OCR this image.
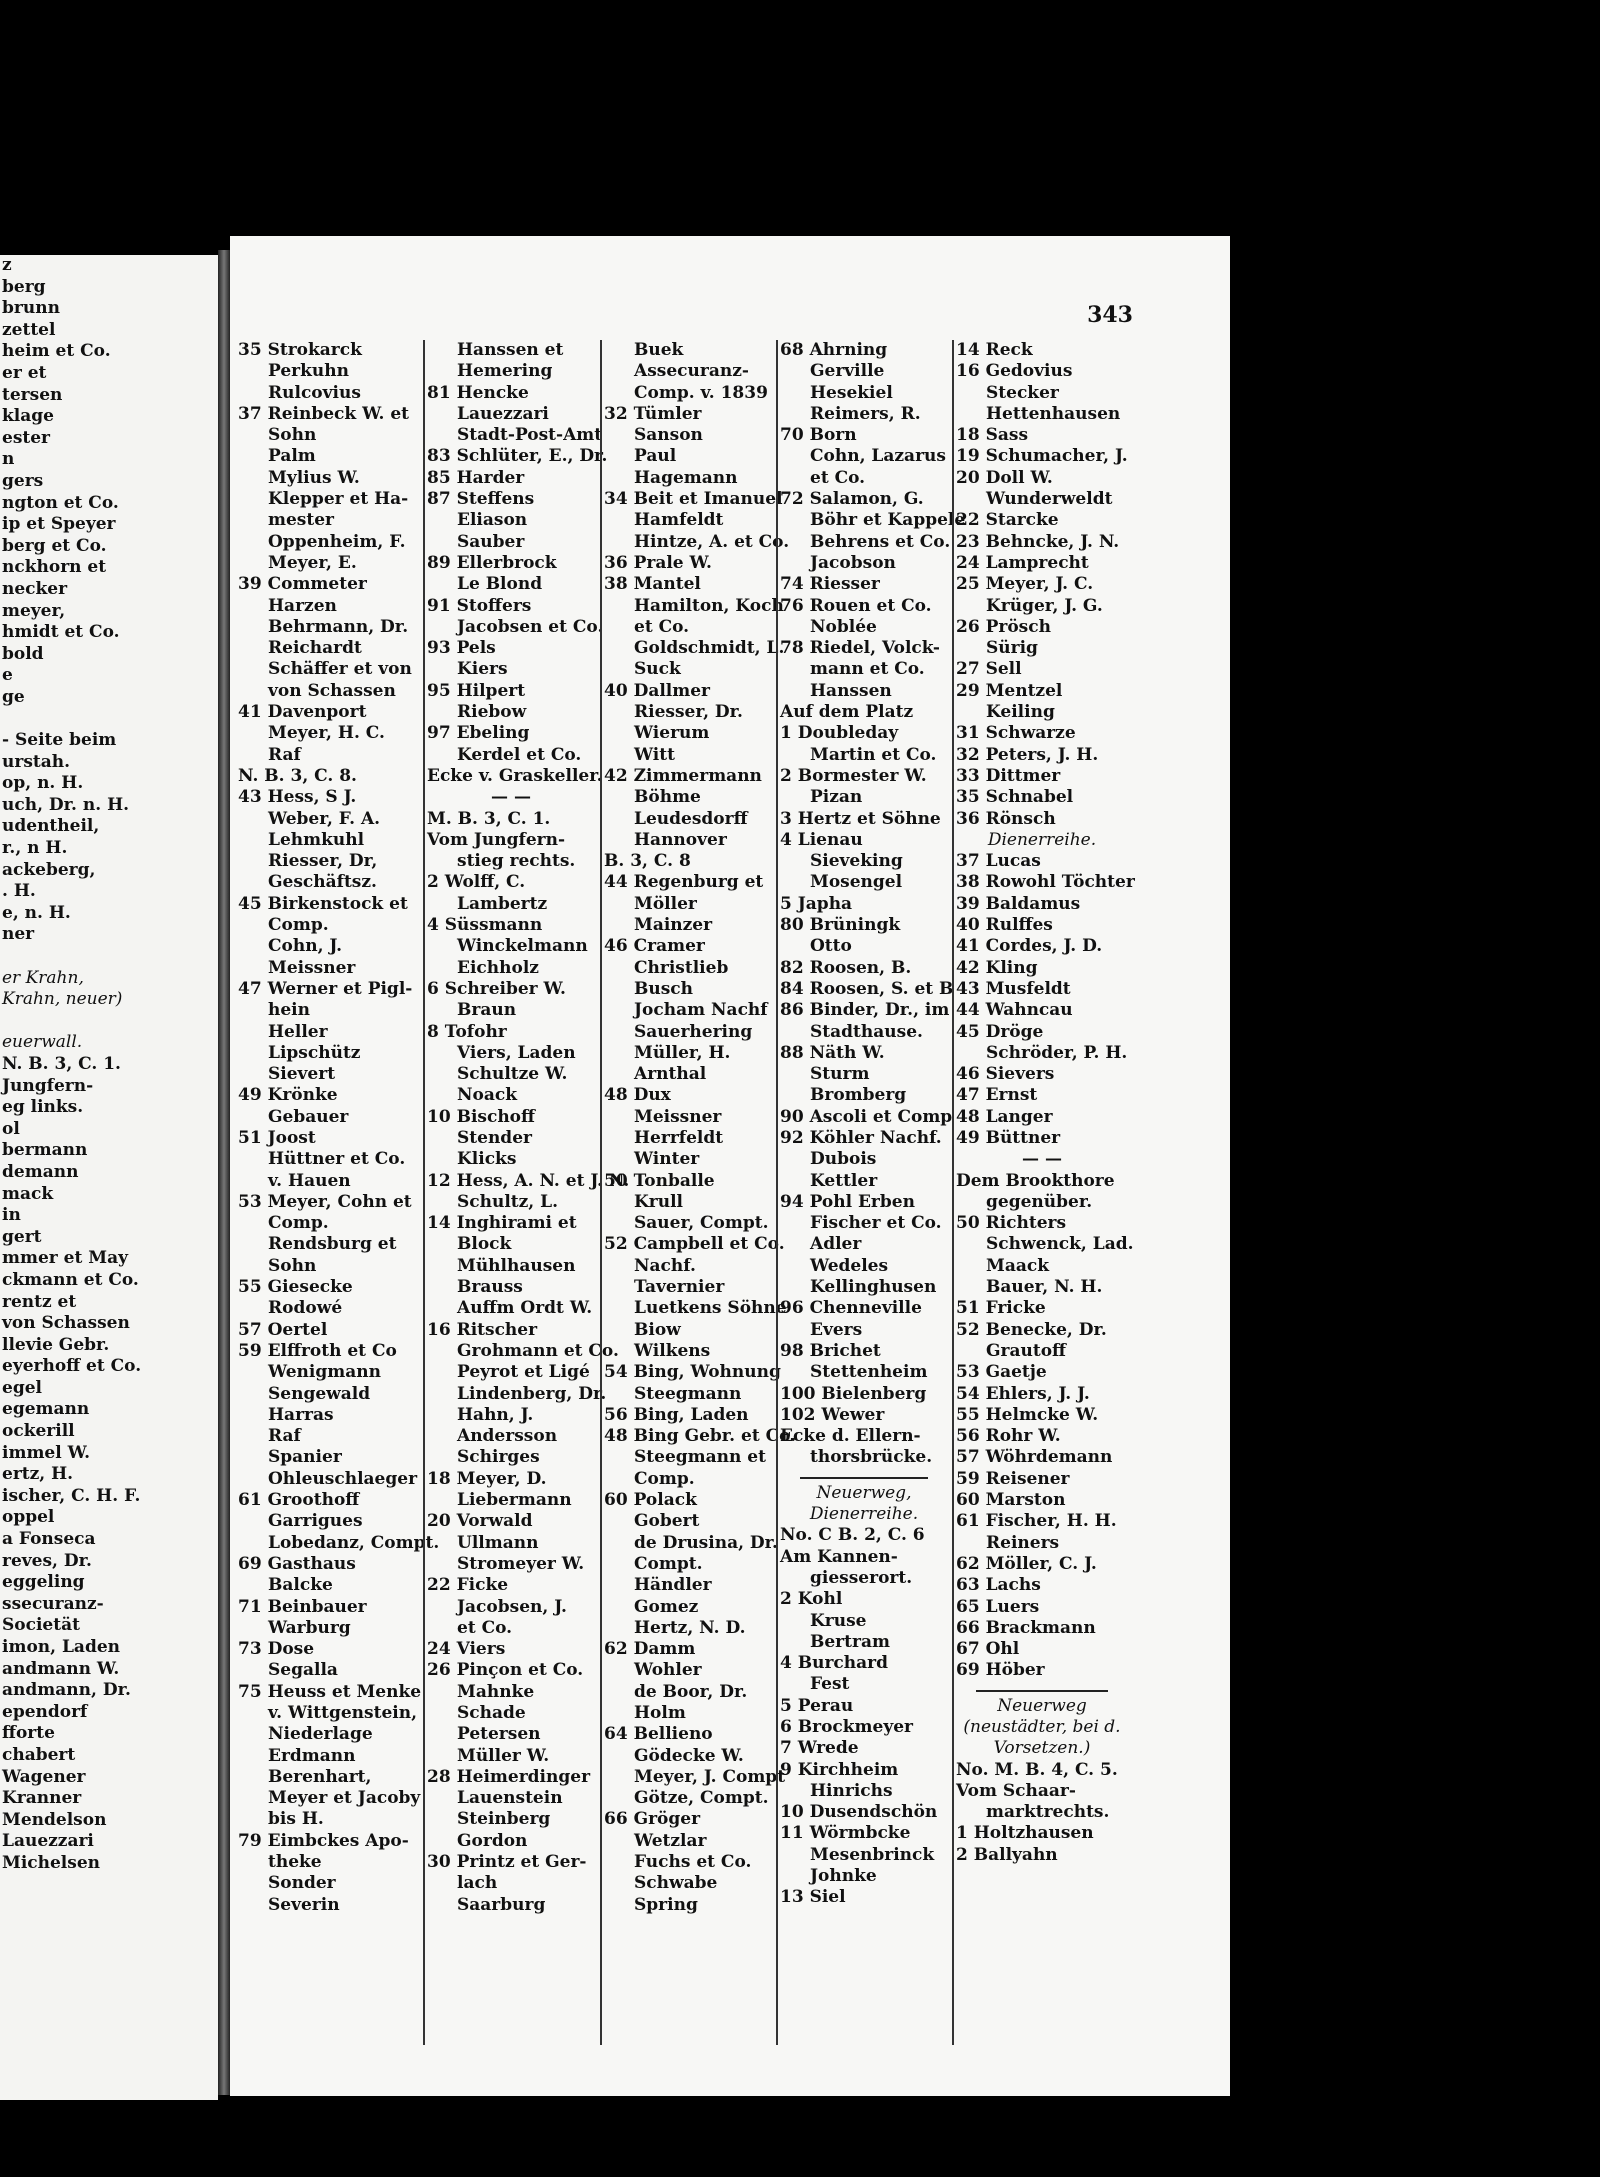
z
berg
brunn
zettel
heim et Co.
er et
tersen
klage
ester
n
gers
ngton et Co.
ip et Speyer
berg et Co.
nckhorn et
necker
meyer,
hmidt et Co.
bold
e
ge

- Seite beim
urstah.
op, n. H.
uch, Dr. n. H.
udentheil,
r., n H.
ackeberg,
. H.
e, n. H.
ner

er Krahn,
Krahn, neuer)

euerwall.
N. B. 3, C. 1.
Jungfern-
eg links.
ol
bermann
demann
mack
in
gert
mmer et May
ckmann et Co.
rentz et
von Schassen
llevie Gebr.
eyerhoff et Co.
egel
egemann
ockerill
immel W.
ertz, H.
ischer, C. H. F.
oppel
a Fonseca
reves, Dr.
eggeling
ssecuranz-
Societät
imon, Laden
andmann W.
andmann, Dr.
ependorf
fforte
chabert
Wagener
Kranner
Mendelson
Lauezzari
Michelsen
343
35 Strokarck
Perkuhn
Rulcovius
37 Reinbeck W. et
Sohn
Palm
Mylius W.
Klepper et Ha-
mester
Oppenheim, F.
Meyer, E.
39 Commeter
Harzen
Behrmann, Dr.
Reichardt
Schäffer et von
von Schassen
41 Davenport
Meyer, H. C.
Raf
N. B. 3, C. 8.
43 Hess, S J.
Weber, F. A.
Lehmkuhl
Riesser, Dr,
Geschäftsz.
45 Birkenstock et
Comp.
Cohn, J.
Meissner
47 Werner et Pigl-
hein
Heller
Lipschütz
Sievert
49 Krönke
Gebauer
51 Joost
Hüttner et Co.
v. Hauen
53 Meyer, Cohn et
Comp.
Rendsburg et
Sohn
55 Giesecke
Rodowé
57 Oertel
59 Elffroth et Co
Wenigmann
Sengewald
Harras
Raf
Spanier
Ohleuschlaeger
61 Groothoff
Garrigues
Lobedanz, Compt.
69 Gasthaus
Balcke
71 Beinbauer
Warburg
73 Dose
Segalla
75 Heuss et Menke
v. Wittgenstein,
Niederlage
Erdmann
Berenhart,
Meyer et Jacoby
bis H.
79 Eimbckes Apo-
theke
Sonder
Severin
Hanssen et
Hemering
81 Hencke
Lauezzari
Stadt-Post-Amt
83 Schlüter, E., Dr.
85 Harder
87 Steffens
Eliason
Sauber
89 Ellerbrock
Le Blond
91 Stoffers
Jacobsen et Co.
93 Pels
Kiers
95 Hilpert
Riebow
97 Ebeling
Kerdel et Co.
Ecke v. Graskeller.
— —
M. B. 3, C. 1.
Vom Jungfern-
stieg rechts.
2 Wolff, C.
Lambertz
4 Süssmann
Winckelmann
Eichholz
6 Schreiber W.
Braun
8 Tofohr
Viers, Laden
Schultze W.
Noack
10 Bischoff
Stender
Klicks
12 Hess, A. N. et J. N.
Schultz, L.
14 Inghirami et
Block
Mühlhausen
Brauss
Auffm Ordt W.
16 Ritscher
Grohmann et Co.
Peyrot et Ligé
Lindenberg, Dr.
Hahn, J.
Andersson
Schirges
18 Meyer, D.
Liebermann
20 Vorwald
Ullmann
Stromeyer W.
22 Ficke
Jacobsen, J.
et Co.
24 Viers
26 Pinçon et Co.
Mahnke
Schade
Petersen
Müller W.
28 Heimerdinger
Lauenstein
Steinberg
Gordon
30 Printz et Ger-
lach
Saarburg
Buek
Assecuranz-
Comp. v. 1839
32 Tümler
Sanson
Paul
Hagemann
34 Beit et Imanuel
Hamfeldt
Hintze, A. et Co.
36 Prale W.
38 Mantel
Hamilton, Koch
et Co.
Goldschmidt, L.
Suck
40 Dallmer
Riesser, Dr.
Wierum
Witt
42 Zimmermann
Böhme
Leudesdorff
Hannover
B. 3, C. 8
44 Regenburg et
Möller
Mainzer
46 Cramer
Christlieb
Busch
Jocham Nachf
Sauerhering
Müller, H.
Arnthal
48 Dux
Meissner
Herrfeldt
Winter
50 Tonballe
Krull
Sauer, Compt.
52 Campbell et Co.
Nachf.
Tavernier
Luetkens Söhne
Biow
Wilkens
54 Bing, Wohnung
Steegmann
56 Bing, Laden
48 Bing Gebr. et Co.
Steegmann et
Comp.
60 Polack
Gobert
de Drusina, Dr.
Compt.
Händler
Gomez
Hertz, N. D.
62 Damm
Wohler
de Boor, Dr.
Holm
64 Bellieno
Gödecke W.
Meyer, J. Compt
Götze, Compt.
66 Gröger
Wetzlar
Fuchs et Co.
Schwabe
Spring
68 Ahrning
Gerville
Hesekiel
Reimers, R.
70 Born
Cohn, Lazarus
et Co.
72 Salamon, G.
Böhr et Kappele
Behrens et Co.
Jacobson
74 Riesser
76 Rouen et Co.
Noblée
78 Riedel, Volck-
mann et Co.
Hanssen
Auf dem Platz
1 Doubleday
Martin et Co.
2 Bormester W.
Pizan
3 Hertz et Söhne
4 Lienau
Sieveking
Mosengel
5 Japha
80 Brüningk
Otto
82 Roosen, B.
84 Roosen, S. et B
86 Binder, Dr., im
Stadthause.
88 Näth W.
Sturm
Bromberg
90 Ascoli et Comp
92 Köhler Nachf.
Dubois
Kettler
94 Pohl Erben
Fischer et Co.
Adler
Wedeles
Kellinghusen
96 Chenneville
Evers
98 Brichet
Stettenheim
100 Bielenberg
102 Wewer
Ecke d. Ellern-
thorsbrücke.
Neuerweg,
Dienerreihe.
No. C B. 2, C. 6
Am Kannen-
giesserort.
2 Kohl
Kruse
Bertram
4 Burchard
Fest
5 Perau
6 Brockmeyer
7 Wrede
9 Kirchheim
Hinrichs
10 Dusendschön
11 Wörmbcke
Mesenbrinck
Johnke
13 Siel
14 Reck
16 Gedovius
Stecker
Hettenhausen
18 Sass
19 Schumacher, J.
20 Doll W.
Wunderweldt
22 Starcke
23 Behncke, J. N.
24 Lamprecht
25 Meyer, J. C.
Krüger, J. G.
26 Prösch
Sürig
27 Sell
29 Mentzel
Keiling
31 Schwarze
32 Peters, J. H.
33 Dittmer
35 Schnabel
36 Rönsch
Dienerreihe.
37 Lucas
38 Rowohl Töchter
39 Baldamus
40 Rulffes
41 Cordes, J. D.
42 Kling
43 Musfeldt
44 Wahncau
45 Dröge
Schröder, P. H.
46 Sievers
47 Ernst
48 Langer
49 Büttner
— —
Dem Brookthore
gegenüber.
50 Richters
Schwenck, Lad.
Maack
Bauer, N. H.
51 Fricke
52 Benecke, Dr.
Grautoff
53 Gaetje
54 Ehlers, J. J.
55 Helmcke W.
56 Rohr W.
57 Wöhrdemann
59 Reisener
60 Marston
61 Fischer, H. H.
Reiners
62 Möller, C. J.
63 Lachs
65 Luers
66 Brackmann
67 Ohl
69 Höber
Neuerweg
(neustädter, bei d.
Vorsetzen.)
No. M. B. 4, C. 5.
Vom Schaar-
marktrechts.
1 Holtzhausen
2 Ballyahn
